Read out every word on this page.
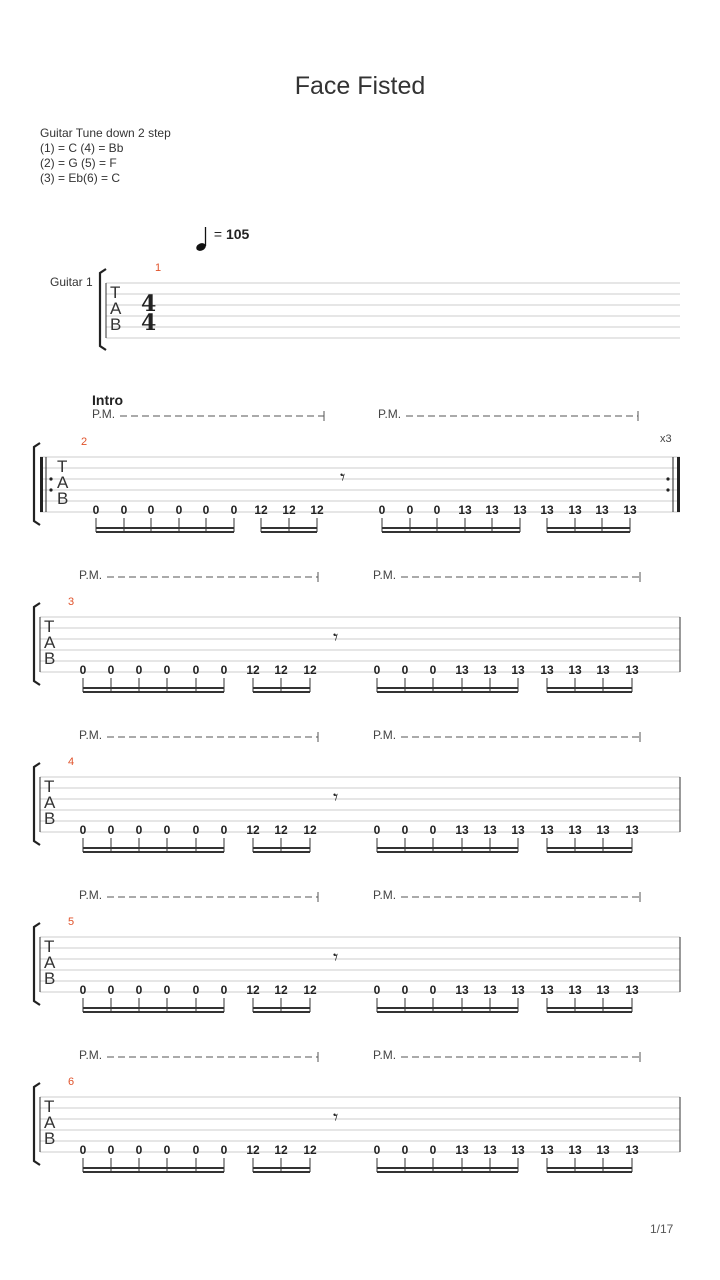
Face Fisted
Guitar Tune down 2 step
(1) = C (4) = Bb
(2) = G (5) = F
(3) = Eb(6) = C
= 105
Guitar 1
Intro
T
A
B
4
4
1
T
A
B
2	x3
P.M.	P.M.
𝄾
0 0 0 0 0 0 12 12 12	0 0 0 13 13 13 13 13 13 13
T
A
B
3
P.M.	P.M.
𝄾
0 0 0 0 0 0 12 12 12	0 0 0 13 13 13 13 13 13 13
T
A
B
4
P.M.	P.M.
𝄾
0 0 0 0 0 0 12 12 12	0 0 0 13 13 13 13 13 13 13
T
A
B
5
P.M.	P.M.
𝄾
0 0 0 0 0 0 12 12 12	0 0 0 13 13 13 13 13 13 13
T
A
B
6
P.M.	P.M.
𝄾
0 0 0 0 0 0 12 12 12	0 0 0 13 13 13 13 13 13 13
1/17
